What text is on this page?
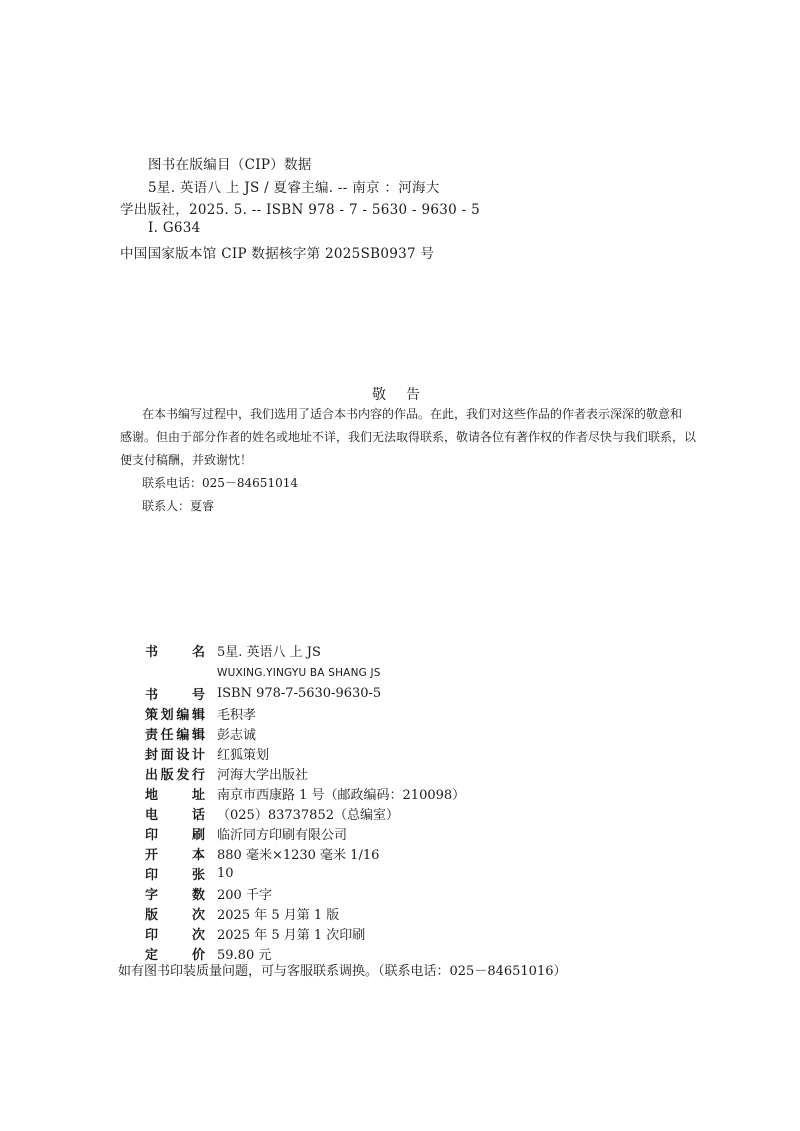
图书在版编目（CIP）数据
5星. 英语八 上 JS / 夏睿主编. -- 南京 ：河海大
学出版社，2025. 5. -- ISBN 978 - 7 - 5630 - 9630 - 5
Ⅰ. G634
中国国家版本馆 CIP 数据核字第 2025SB0937 号
敬告
在本书编写过程中，我们选用了适合本书内容的作品。在此，我们对这些作品的作者表示深深的敬意和
感谢。但由于部分作者的姓名或地址不详，我们无法取得联系，敬请各位有著作权的作者尽快与我们联系，以
便支付稿酬，并致谢忱！
联系电话：025－84651014
联系人：夏睿
书	名 5星. 英语八 上 JS
WUXING.YINGYU BA SHANG JS
书	号 ISBN 978-7-5630-9630-5
策 划 编 辑 毛积孝
责 任 编 辑 彭志诚
封 面 设 计 红狐策划
出 版 发 行 河海大学出版社
地	址 南京市西康路 1 号（邮政编码：210098）
电	话 （025）83737852（总编室）
印	刷 临沂同方印刷有限公司
开	本 880 毫米×1230 毫米 1/16
印	张 10
字	数 200 千字
版	次 2025 年 5 月第 1 版
印	次 2025 年 5 月第 1 次印刷
定	价 59.80 元
如有图书印装质量问题，可与客服联系调换。（联系电话：025－84651016）
